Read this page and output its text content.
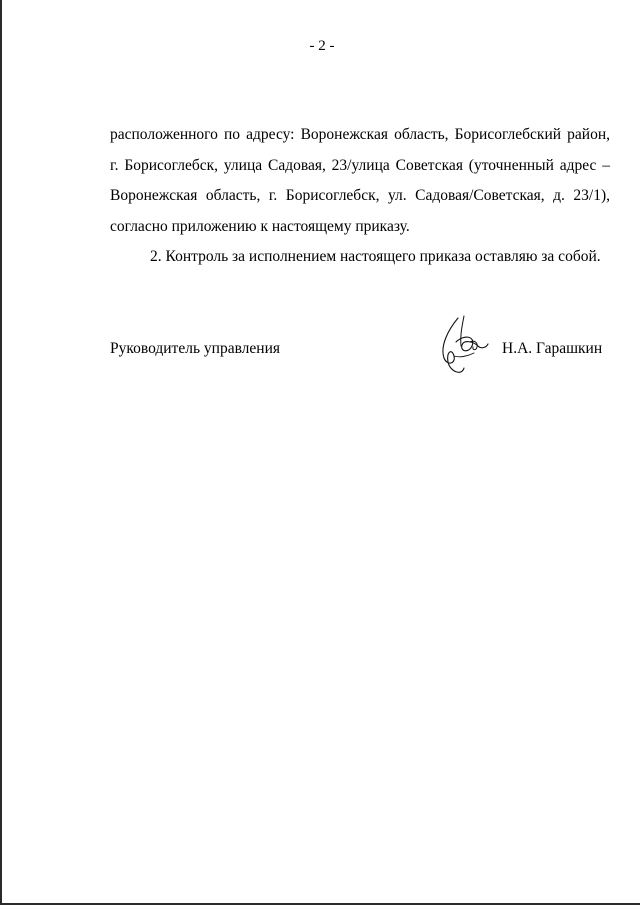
- 2 -
расположенного по адресу: Воронежская область, Борисоглебский район,
г. Борисоглебск, улица Садовая, 23/улица Советская (уточненный адрес –
Воронежская область, г. Борисоглебск, ул. Садовая/Советская, д. 23/1),
согласно приложению к настоящему приказу.
2. Контроль за исполнением настоящего приказа оставляю за собой.
Руководитель управления	Н.А. Гарашкин
